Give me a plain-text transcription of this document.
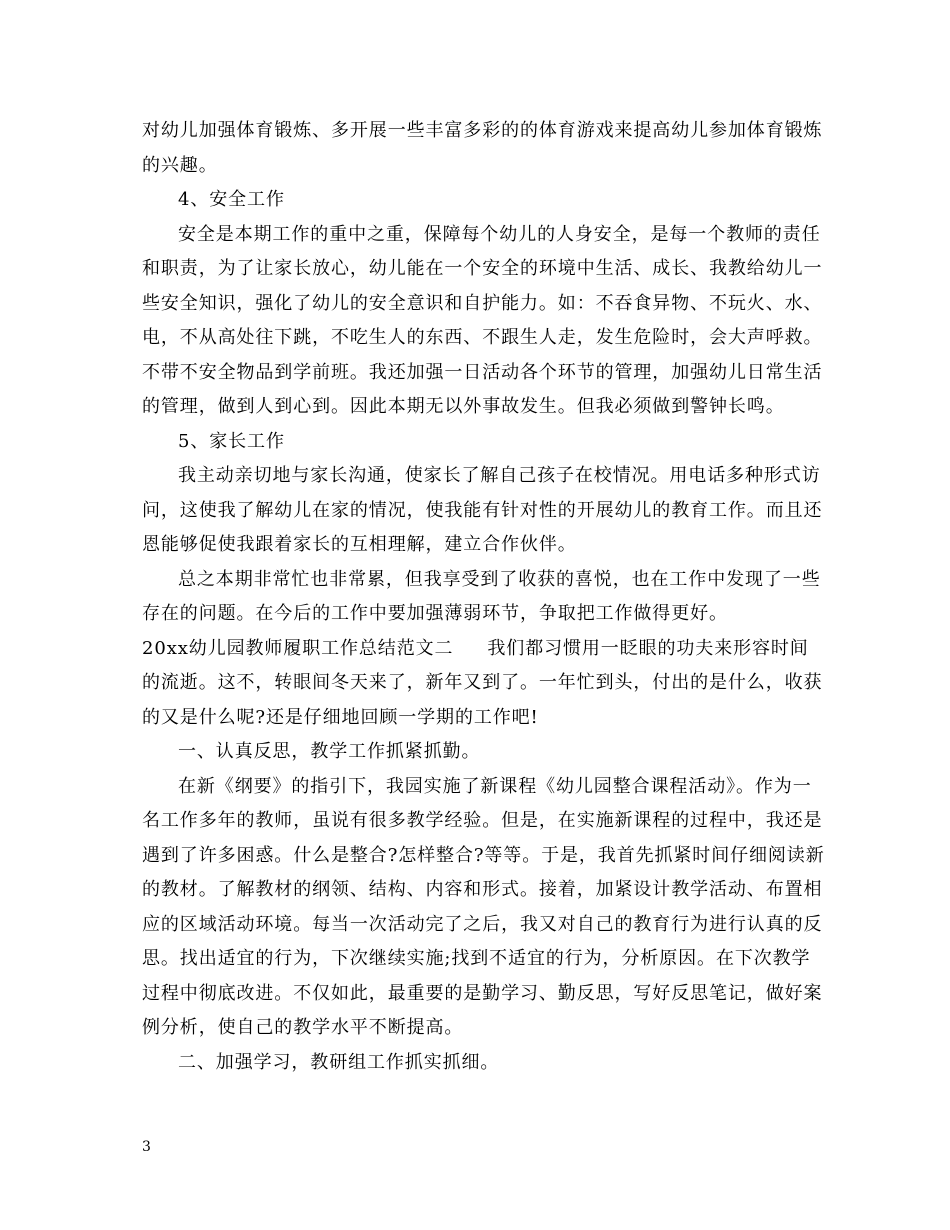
对幼儿加强体育锻炼、多开展一些丰富多彩的的体育游戏来提高幼儿参加体育锻炼
的兴趣。
4、安全工作
安全是本期工作的重中之重，保障每个幼儿的人身安全，是每一个教师的责任
和职责，为了让家长放心，幼儿能在一个安全的环境中生活、成长、我教给幼儿一
些安全知识，强化了幼儿的安全意识和自护能力。如：不吞食异物、不玩火、水、
电，不从高处往下跳，不吃生人的东西、不跟生人走，发生危险时，会大声呼救。
不带不安全物品到学前班。我还加强一日活动各个环节的管理，加强幼儿日常生活
的管理，做到人到心到。因此本期无以外事故发生。但我必须做到警钟长鸣。
5、家长工作
我主动亲切地与家长沟通，使家长了解自己孩子在校情况。用电话多种形式访
问，这使我了解幼儿在家的情况，使我能有针对性的开展幼儿的教育工作。而且还
恩能够促使我跟着家长的互相理解，建立合作伙伴。
总之本期非常忙也非常累，但我享受到了收获的喜悦，也在工作中发现了一些
存在的问题。在今后的工作中要加强薄弱环节，争取把工作做得更好。
20xx幼儿园教师履职工作总结范文二 我们都习惯用一眨眼的功夫来形容时间
的流逝。这不，转眼间冬天来了，新年又到了。一年忙到头，付出的是什么，收获
的又是什么呢?还是仔细地回顾一学期的工作吧!
一、认真反思，教学工作抓紧抓勤。
在新《纲要》的指引下，我园实施了新课程《幼儿园整合课程活动》。作为一
名工作多年的教师，虽说有很多教学经验。但是，在实施新课程的过程中，我还是
遇到了许多困惑。什么是整合?怎样整合?等等。于是，我首先抓紧时间仔细阅读新
的教材。了解教材的纲领、结构、内容和形式。接着，加紧设计教学活动、布置相
应的区域活动环境。每当一次活动完了之后，我又对自己的教育行为进行认真的反
思。找出适宜的行为，下次继续实施;找到不适宜的行为，分析原因。在下次教学
过程中彻底改进。不仅如此，最重要的是勤学习、勤反思，写好反思笔记，做好案
例分析，使自己的教学水平不断提高。
二、加强学习，教研组工作抓实抓细。
3
